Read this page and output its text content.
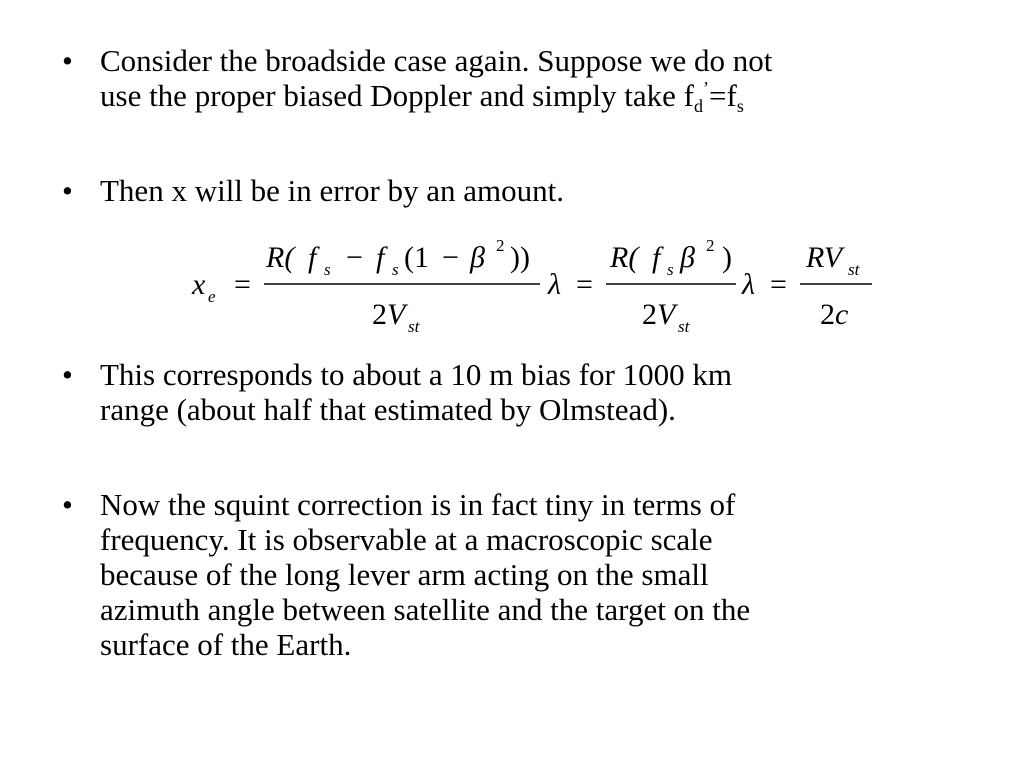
• Consider the broadside case again. Suppose we do not
use the proper biased Doppler and simply take $f_d^’=f_s$
• Then x will be in error by an amount.
x e =
R( f s − f s (1 − β 2 ))
2 V st
λ =
R( f s β 2 )
2 V st
λ =
RV st
2 c
• This corresponds to about a 10 m bias for 1000 km
range (about half that estimated by Olmstead).
• Now the squint correction is in fact tiny in terms of
frequency. It is observable at a macroscopic scale
because of the long lever arm acting on the small
azimuth angle between satellite and the target on the
surface of the Earth.
